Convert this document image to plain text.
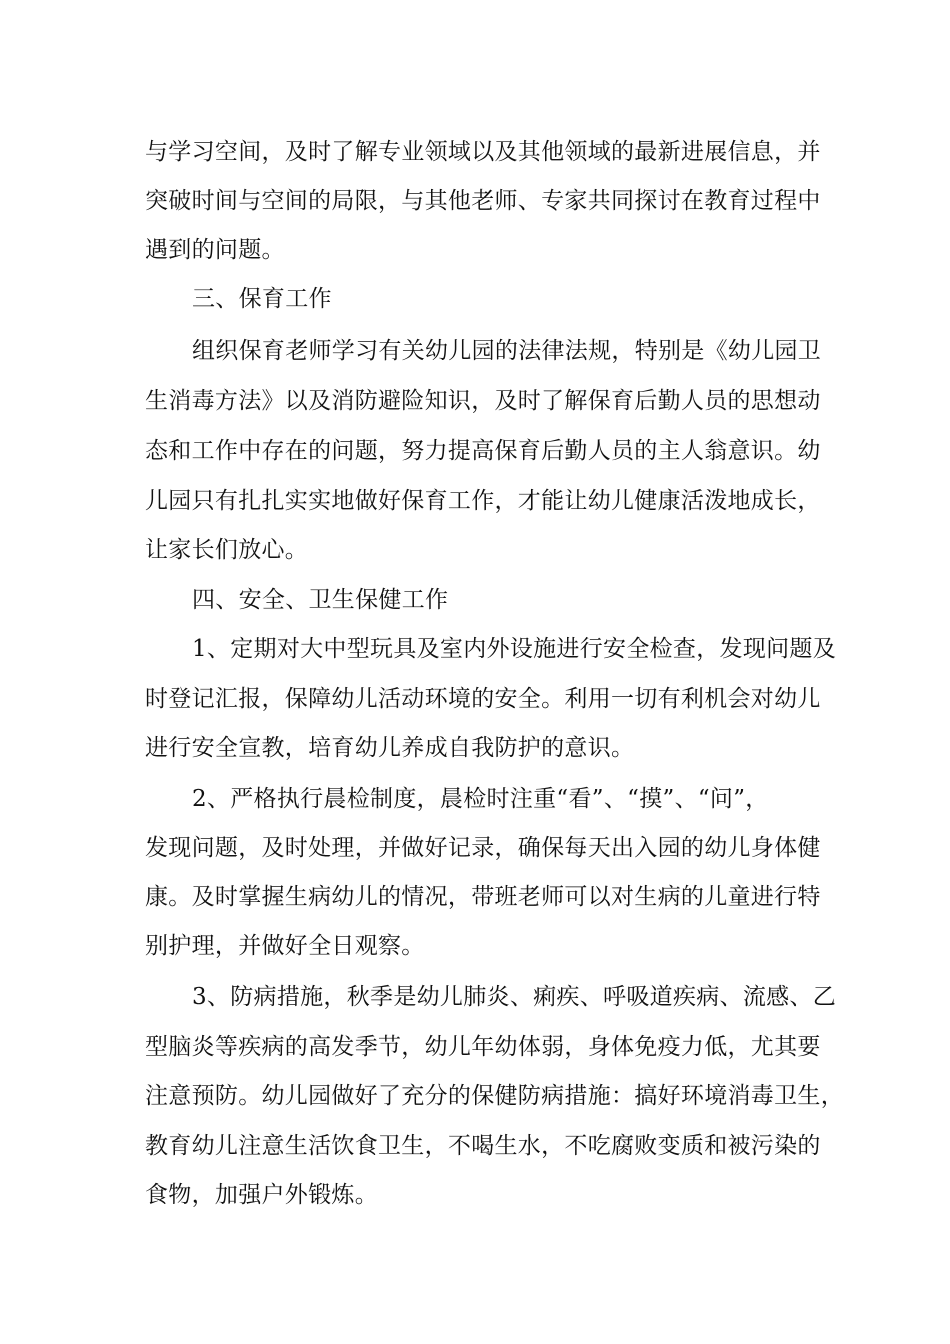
与学习空间，及时了解专业领域以及其他领域的最新进展信息，并
突破时间与空间的局限，与其他老师、专家共同探讨在教育过程中
遇到的问题。
三、保育工作
组织保育老师学习有关幼儿园的法律法规，特别是《幼儿园卫
生消毒方法》以及消防避险知识，及时了解保育后勤人员的思想动
态和工作中存在的问题，努力提高保育后勤人员的主人翁意识。幼
儿园只有扎扎实实地做好保育工作，才能让幼儿健康活泼地成长，
让家长们放心。
四、安全、卫生保健工作
1、定期对大中型玩具及室内外设施进行安全检查，发现问题及
时登记汇报，保障幼儿活动环境的安全。利用一切有利机会对幼儿
进行安全宣教，培育幼儿养成自我防护的意识。
2、严格执行晨检制度，晨检时注重“看”、“摸”、“问”，
发现问题，及时处理，并做好记录，确保每天出入园的幼儿身体健
康。及时掌握生病幼儿的情况，带班老师可以对生病的儿童进行特
别护理，并做好全日观察。
3、防病措施，秋季是幼儿肺炎、痢疾、呼吸道疾病、流感、乙
型脑炎等疾病的高发季节，幼儿年幼体弱，身体免疫力低，尤其要
注意预防。幼儿园做好了充分的保健防病措施：搞好环境消毒卫生，
教育幼儿注意生活饮食卫生，不喝生水，不吃腐败变质和被污染的
食物，加强户外锻炼。
